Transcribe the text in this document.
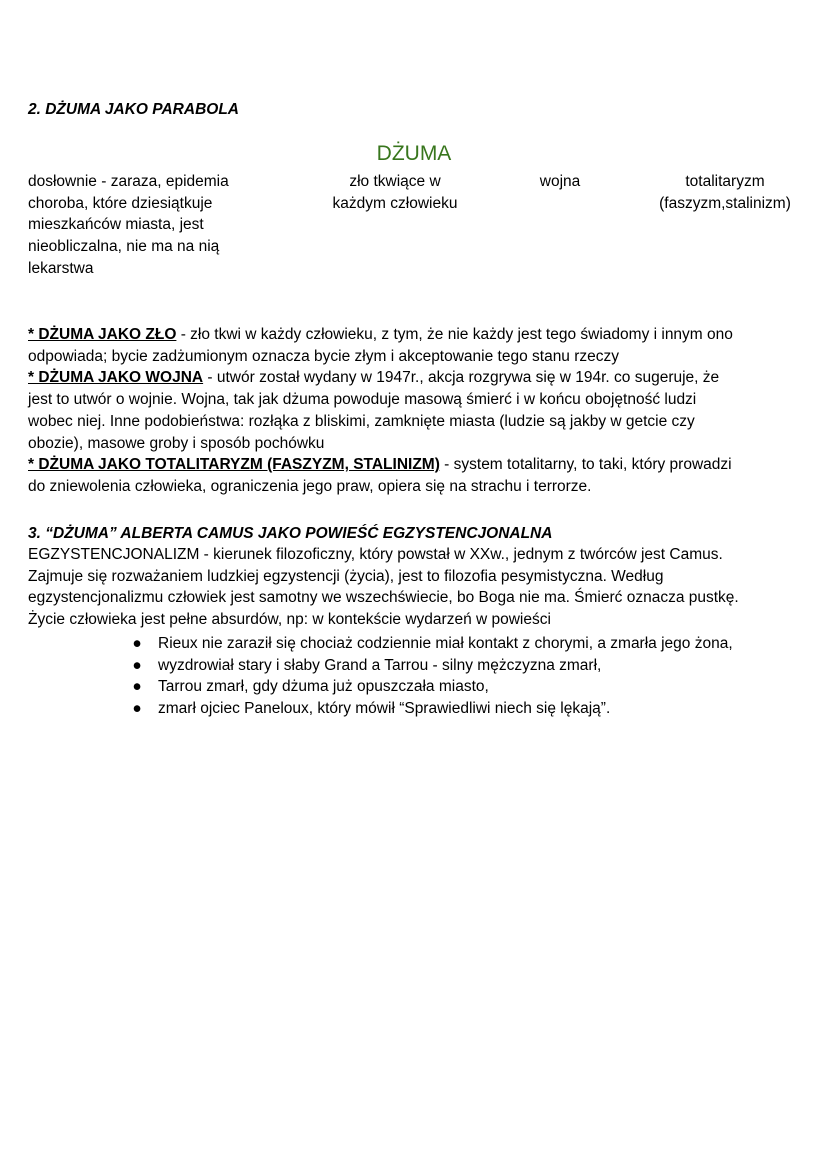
2. DŻUMA JAKO PARABOLA

DŻUMA
dosłownie - zaraza, epidemia
choroba, które dziesiątkuje
mieszkańców miasta, jest
nieobliczalna, nie ma na nią
lekarstwa
zło tkwiące w
każdym człowieku
wojna	totalitaryzm
(faszyzm,stalinizm)

* DŻUMA JAKO ZŁO - zło tkwi w każdy człowieku, z tym, że nie każdy jest tego świadomy i innym ono

odpowiada; bycie zadżumionym oznacza bycie złym i akceptowanie tego stanu rzeczy

* DŻUMA JAKO WOJNA - utwór został wydany w 1947r., akcja rozgrywa się w 194r. co sugeruje, że

jest to utwór o wojnie. Wojna, tak jak dżuma powoduje masową śmierć i w końcu obojętność ludzi

wobec niej. Inne podobieństwa: rozłąka z bliskimi, zamknięte miasta (ludzie są jakby w getcie czy

obozie), masowe groby i sposób pochówku

* DŻUMA JAKO TOTALITARYZM (FASZYZM, STALINIZM) - system totalitarny, to taki, który prowadzi

do zniewolenia człowieka, ograniczenia jego praw, opiera się na strachu i terrorze.

3. “DŻUMA” ALBERTA CAMUS JAKO POWIEŚĆ EGZYSTENCJONALNA

EGZYSTENCJONALIZM - kierunek filozoficzny, który powstał w XXw., jednym z twórców jest Camus.

Zajmuje się rozważaniem ludzkiej egzystencji (życia), jest to filozofia pesymistyczna. Według

egzystencjonalizmu człowiek jest samotny we wszechświecie, bo Boga nie ma. Śmierć oznacza pustkę.

Życie człowieka jest pełne absurdów, np: w kontekście wydarzeń w powieści

● Rieux nie zaraził się chociaż codziennie miał kontakt z chorymi, a zmarła jego żona,
● wyzdrowiał stary i słaby Grand a Tarrou - silny mężczyzna zmarł,
● Tarrou zmarł, gdy dżuma już opuszczała miasto,
● zmarł ojciec Paneloux, który mówił “Sprawiedliwi niech się lękają”.
